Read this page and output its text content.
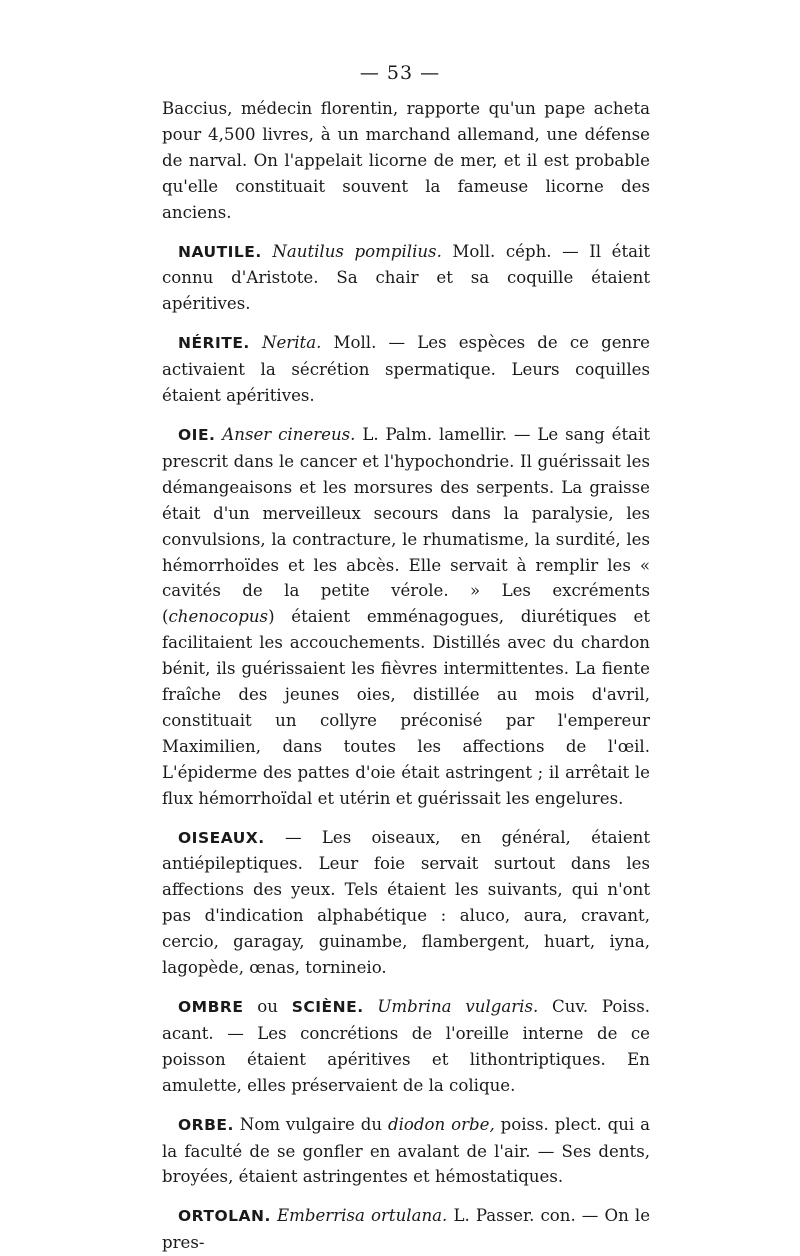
— 53 —

Baccius, médecin florentin, rapporte qu'un pape acheta pour 4,500 livres, à un marchand allemand, une défense de narval. On l'appelait licorne de mer, et il est probable qu'elle constituait souvent la fameuse licorne des anciens.

NAUTILE. Nautilus pompilius. Moll. céph. — Il était connu d'Aristote. Sa chair et sa coquille étaient apéritives.

NÉRITE. Nerita. Moll. — Les espèces de ce genre activaient la sécrétion spermatique. Leurs coquilles étaient apéritives.

OIE. Anser cinereus. L. Palm. lamellir. — Le sang était prescrit dans le cancer et l'hypochondrie. Il guérissait les démangeaisons et les morsures des serpents. La graisse était d'un merveilleux secours dans la paralysie, les convulsions, la contracture, le rhumatisme, la surdité, les hémorrhoïdes et les abcès. Elle servait à remplir les « cavités de la petite vérole. » Les excréments (chenocopus) étaient emménagogues, diurétiques et facilitaient les accouchements. Distillés avec du chardon bénit, ils guérissaient les fièvres intermittentes. La fiente fraîche des jeunes oies, distillée au mois d'avril, constituait un collyre préconisé par l'empereur Maximilien, dans toutes les affections de l'œil. L'épiderme des pattes d'oie était astringent ; il arrêtait le flux hémorrhoïdal et utérin et guérissait les engelures.

OISEAUX. — Les oiseaux, en général, étaient antiépileptiques. Leur foie servait surtout dans les affections des yeux. Tels étaient les suivants, qui n'ont pas d'indication alphabétique : aluco, aura, cravant, cercio, garagay, guinambe, flambergent, huart, iyna, lagopède, œnas, tornineio.

OMBRE ou SCIÈNE. Umbrina vulgaris. Cuv. Poiss. acant. — Les concrétions de l'oreille interne de ce poisson étaient apéritives et lithontriptiques. En amulette, elles préservaient de la colique.

ORBE. Nom vulgaire du diodon orbe, poiss. plect. qui a la faculté de se gonfler en avalant de l'air. — Ses dents, broyées, étaient astringentes et hémostatiques.

ORTOLAN. Emberrisa ortulana. L. Passer. con. — On le pres-
